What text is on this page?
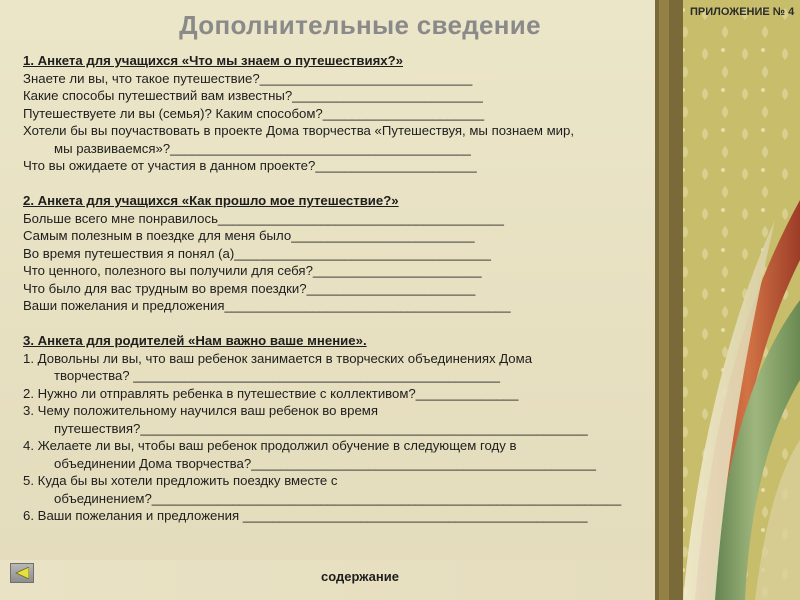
Дополнительные сведение	ПРИЛОЖЕНИЕ № 4

1. Анкета для учащихся «Что мы знаем о путешествиях?»

Знаете ли вы, что такое путешествие?_____________________________

Какие способы путешествий вам известны?__________________________

Путешествуете ли вы (семья)? Каким способом?______________________

Хотели бы вы поучаствовать в проекте Дома творчества «Путешествуя, мы познаем мир,

мы развиваемся»?_________________________________________

Что вы ожидаете от участия в данном проекте?______________________

2. Анкета для учащихся «Как прошло мое путешествие?»

Больше всего мне понравилось_______________________________________

Самым полезным в поездке для меня было_________________________

Во время путешествия я понял (а)___________________________________

Что ценного, полезного вы получили для себя?_______________________

Что было для вас трудным во время поездки?_______________________

Ваши пожелания и предложения_______________________________________

3. Анкета для родителей «Нам важно ваше мнение».

1. Довольны ли вы, что ваш ребенок занимается в творческих объединениях Дома

творчества? __________________________________________________

2. Нужно ли отправлять ребенка в путешествие с коллективом?______________

3. Чему положительному научился ваш ребенок во время

путешествия?_____________________________________________________________

4. Желаете ли вы, чтобы ваш ребенок продолжил обучение в следующем году в

объединении Дома творчества?_______________________________________________

5. Куда бы вы хотели предложить поездку вместе с

объединением?________________________________________________________________

6. Ваши пожелания и предложения _______________________________________________

содержание
